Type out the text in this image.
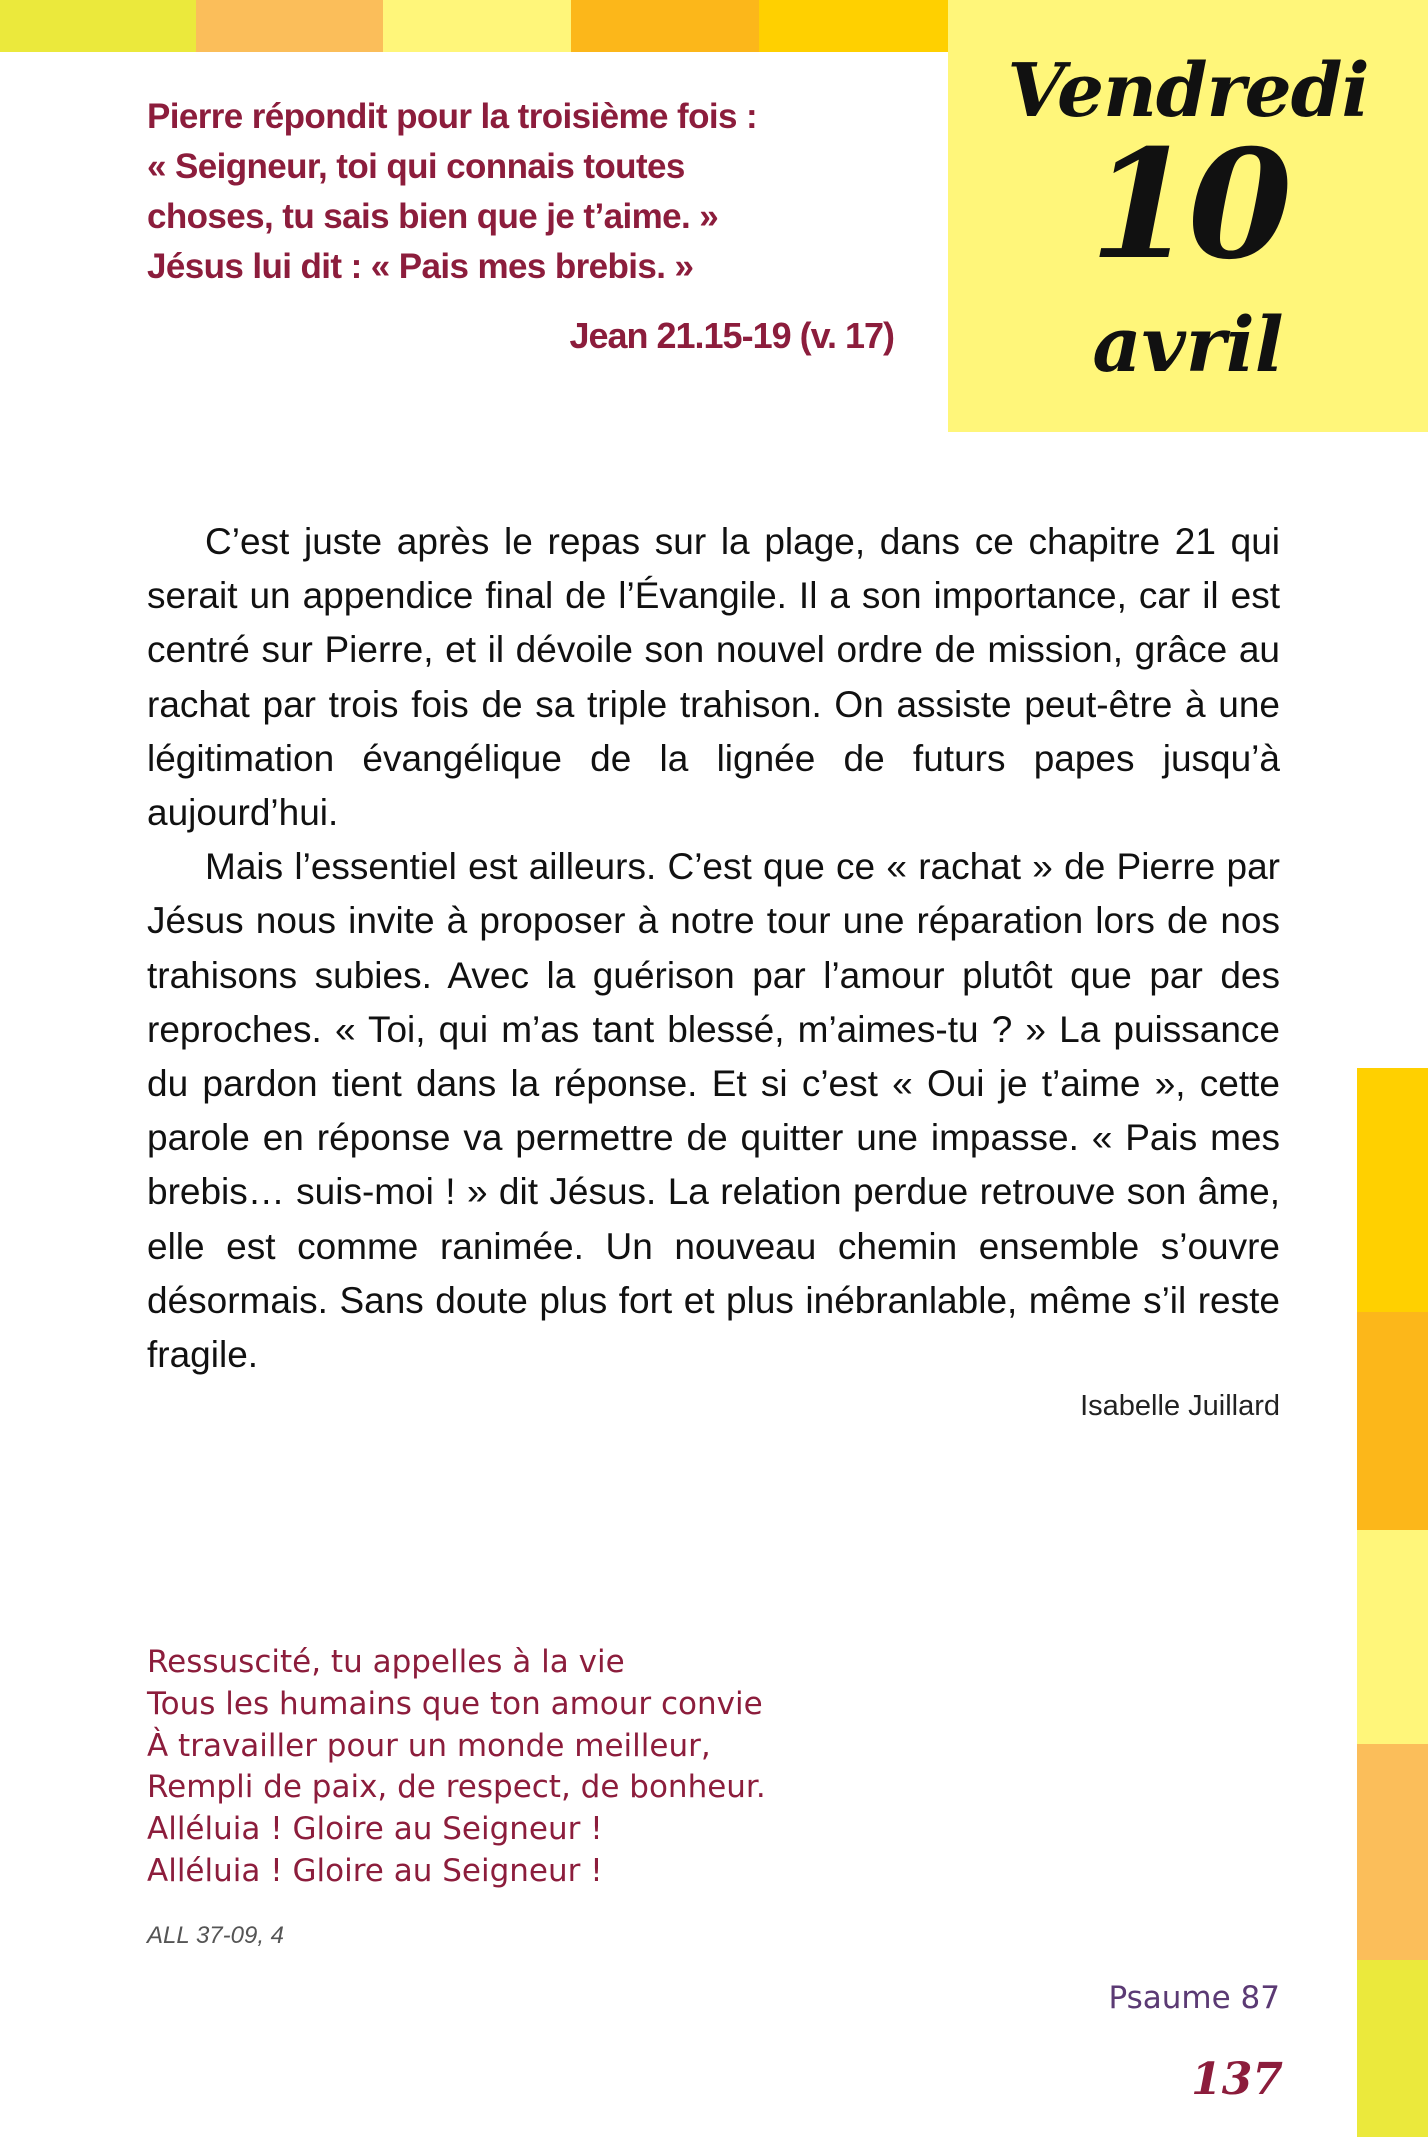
Vendredi
10
avril

Pierre répondit pour la troisième fois :

« Seigneur, toi qui connais toutes

choses, tu sais bien que je t’aime. »

Jésus lui dit : « Pais mes brebis. »

Jean 21.15-19 (v. 17)

C’est juste après le repas sur la plage, dans ce chapitre 21 qui serait un appendice final de l’Évangile. Il a son importance, car il est centré sur Pierre, et il dévoile son nouvel ordre de mission, grâce au rachat par trois fois de sa triple trahison. On assiste peut-être à une légitimation évangélique de la lignée de futurs papes jusqu’à aujourd’hui.

Mais l’essentiel est ailleurs. C’est que ce « rachat » de Pierre par Jésus nous invite à proposer à notre tour une réparation lors de nos trahisons subies. Avec la guérison par l’amour plutôt que par des reproches. « Toi, qui m’as tant blessé, m’aimes-tu ? » La puissance du pardon tient dans la réponse. Et si c’est « Oui je t’aime », cette parole en réponse va permettre de quitter une impasse. « Pais mes brebis… suis-moi ! » dit Jésus. La relation perdue retrouve son âme, elle est comme ranimée. Un nouveau chemin ensemble s’ouvre désormais. Sans doute plus fort et plus inébranlable, même s’il reste fragile.

Isabelle Juillard
Ressuscité, tu appelles à la vie
Tous les humains que ton amour convie
À travailler pour un monde meilleur,
Rempli de paix, de respect, de bonheur.
Alléluia ! Gloire au Seigneur !
Alléluia ! Gloire au Seigneur !
ALL 37-09, 4
Psaume 87
137
